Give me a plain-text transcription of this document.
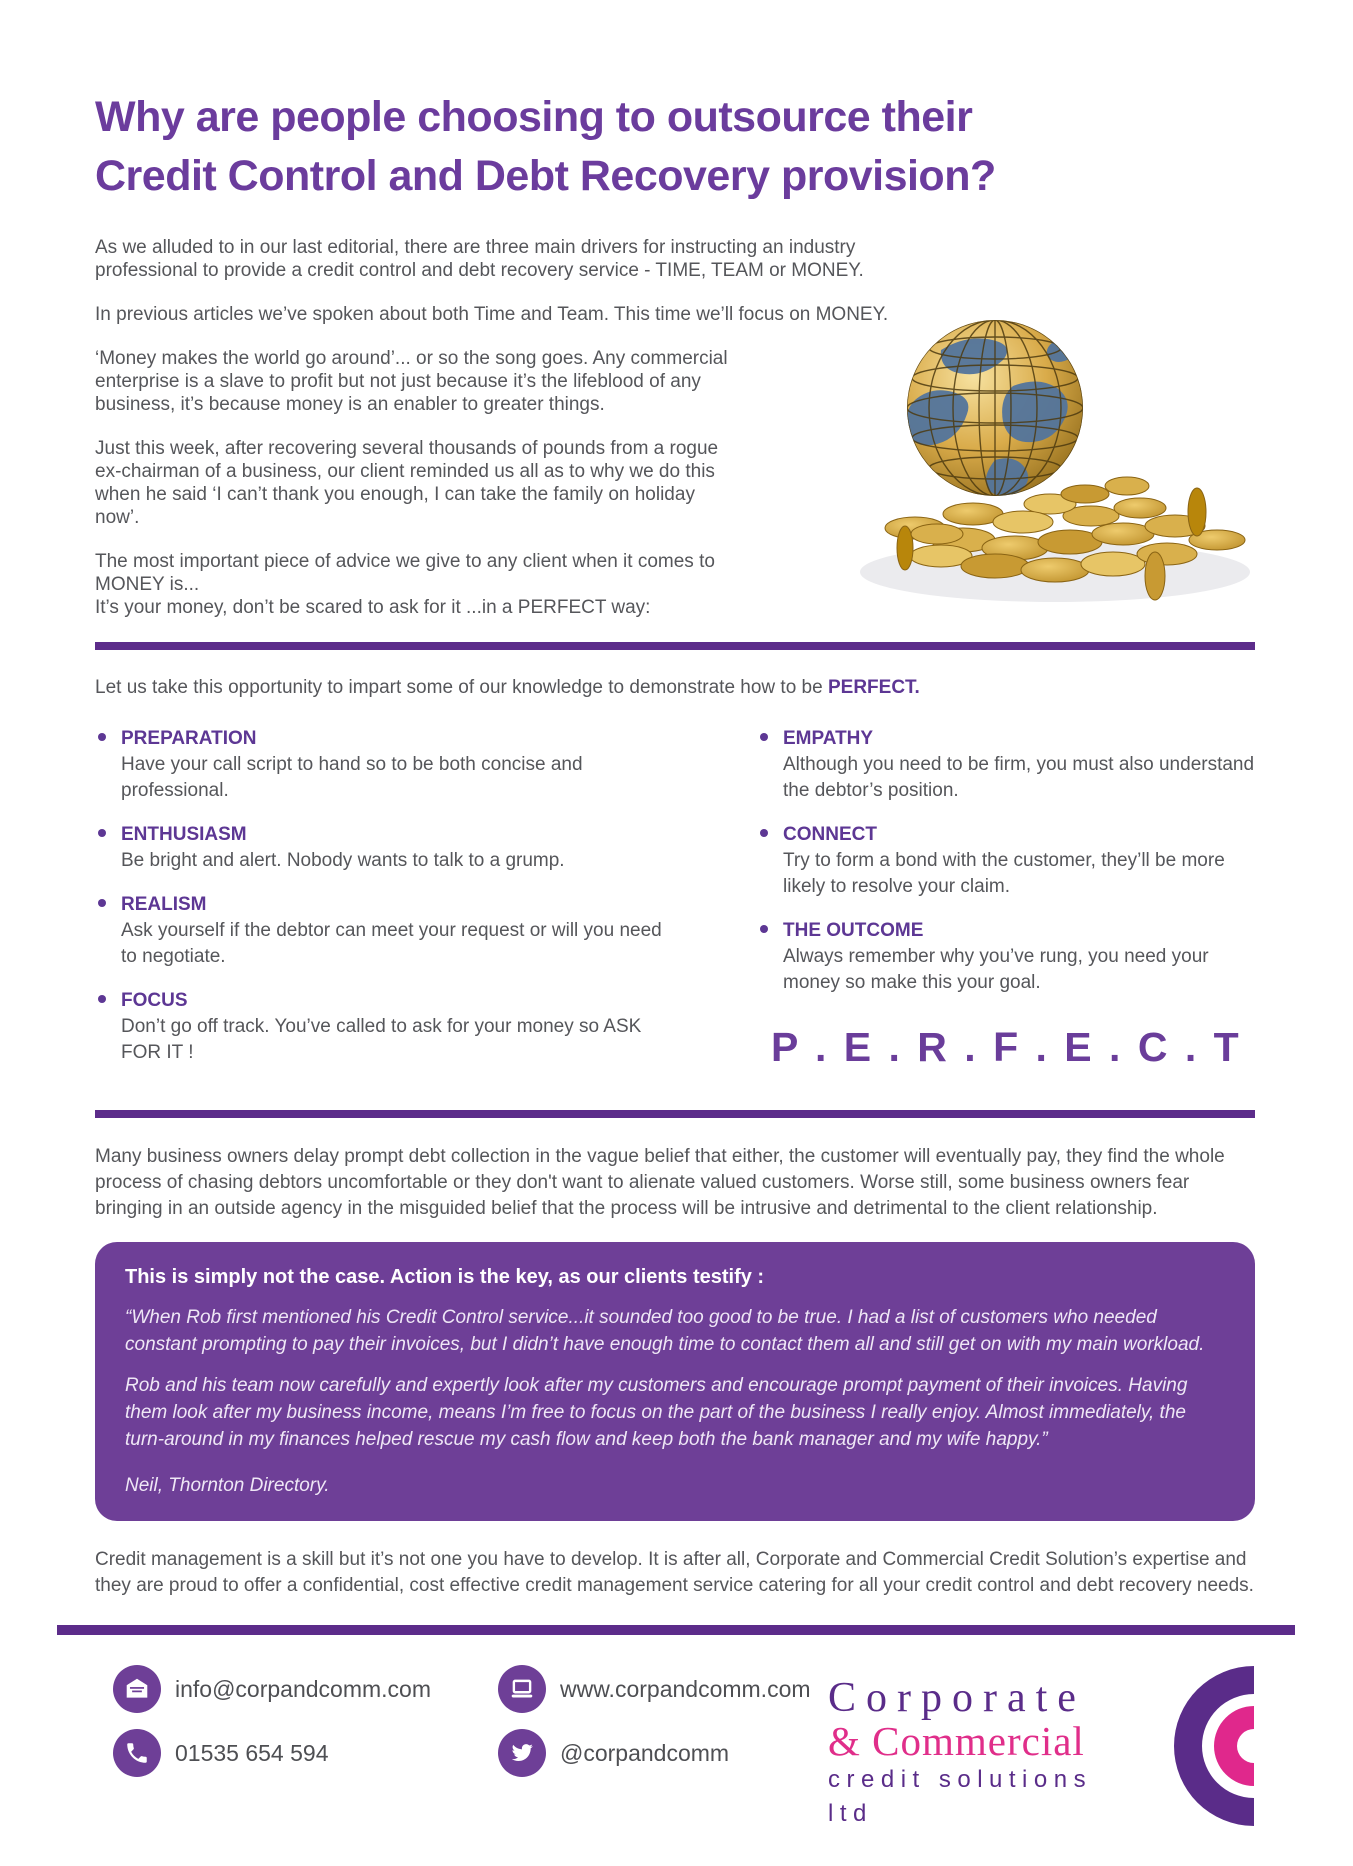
Why are people choosing to outsource their Credit Control and Debt Recovery provision?

As we alluded to in our last editorial, there are three main drivers for instructing an industry professional to provide a credit control and debt recovery service - TIME, TEAM or MONEY.

In previous articles we’ve spoken about both Time and Team. This time we’ll focus on MONEY.

‘Money makes the world go around’... or so the song goes. Any commercial enterprise is a slave to profit but not just because it’s the lifeblood of any business, it’s because money is an enabler to greater things.

Just this week, after recovering several thousands of pounds from a rogue ex-chairman of a business, our client reminded us all as to why we do this when he said ‘I can’t thank you enough, I can take the family on holiday now’.

The most important piece of advice we give to any client when it comes to MONEY is...
It’s your money, don’t be scared to ask for it ...in a PERFECT way:

Let us take this opportunity to impart some of our knowledge to demonstrate how to be PERFECT.

PREPARATION
Have your call script to hand so to be both concise and professional.
ENTHUSIASM
Be bright and alert. Nobody wants to talk to a grump.
REALISM
Ask yourself if the debtor can meet your request or will you need to negotiate.
FOCUS
Don’t go off track. You’ve called to ask for your money so ASK FOR IT !
EMPATHY
Although you need to be firm, you must also understand the debtor’s position.
CONNECT
Try to form a bond with the customer, they’ll be more likely to resolve your claim.
THE OUTCOME
Always remember why you’ve rung, you need your money so make this your goal.
P . E . R . F . E . C . T

Many business owners delay prompt debt collection in the vague belief that either, the customer will eventually pay, they find the whole process of chasing debtors uncomfortable or they don't want to alienate valued customers. Worse still, some business owners fear bringing in an outside agency in the misguided belief that the process will be intrusive and detrimental to the client relationship.

This is simply not the case. Action is the key, as our clients testify :

“When Rob first mentioned his Credit Control service...it sounded too good to be true. I had a list of customers who needed constant prompting to pay their invoices, but I didn’t have enough time to contact them all and still get on with my main workload.

Rob and his team now carefully and expertly look after my customers and encourage prompt payment of their invoices. Having them look after my business income, means I’m free to focus on the part of the business I really enjoy. Almost immediately, the turn-around in my finances helped rescue my cash flow and keep both the bank manager and my wife happy.”

Neil, Thornton Directory.

Credit management is a skill but it’s not one you have to develop. It is after all, Corporate and Commercial Credit Solution’s expertise and they are proud to offer a confidential, cost effective credit management service catering for all your credit control and debt recovery needs.

info@corpandcomm.com	www.corpandcomm.com
01535 654 594	@corpandcomm
Corporate
& Commercial
credit solutions ltd
